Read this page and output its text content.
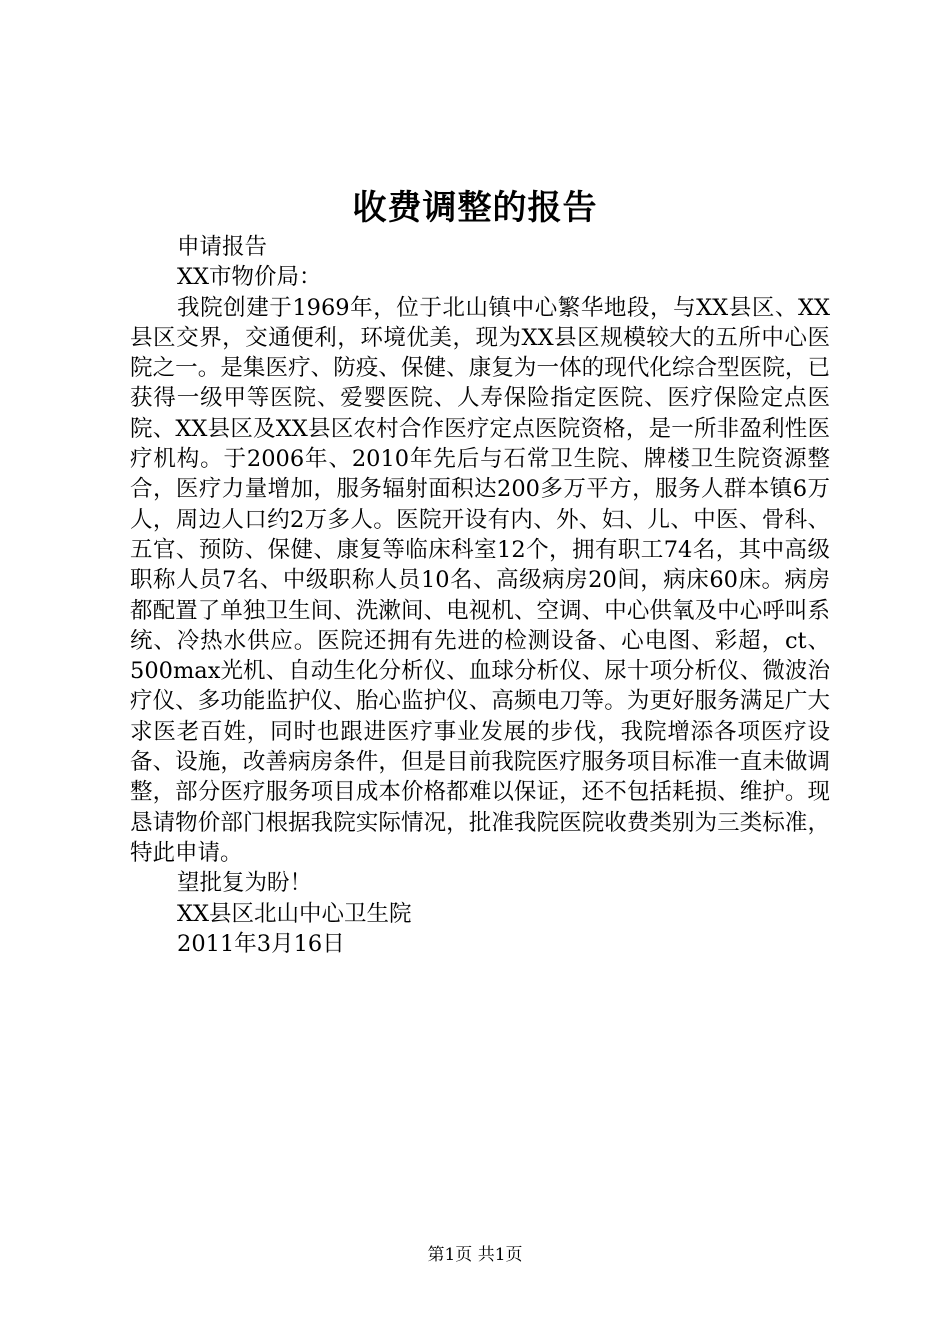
收费调整的报告
申请报告
XX市物价局：
我院创建于1969年，位于北山镇中心繁华地段，与XX县区、XX县区交界，交通便利，环境优美，现为XX县区规模较大的五所中心医院之一。是集医疗、防疫、保健、康复为一体的现代化综合型医院，已获得一级甲等医院、爱婴医院、人寿保险指定医院、医疗保险定点医院、XX县区及XX县区农村合作医疗定点医院资格，是一所非盈利性医疗机构。于2006年、2010年先后与石常卫生院、牌楼卫生院资源整合，医疗力量增加，服务辐射面积达200多万平方，服务人群本镇6万人，周边人口约2万多人。医院开设有内、外、妇、儿、中医、骨科、五官、预防、保健、康复等临床科室12个，拥有职工74名，其中高级职称人员7名、中级职称人员10名、高级病房20间，病床60床。病房都配置了单独卫生间、洗漱间、电视机、空调、中心供氧及中心呼叫系统、冷热水供应。医院还拥有先进的检测设备、心电图、彩超，ct、500max光机、自动生化分析仪、血球分析仪、尿十项分析仪、微波治疗仪、多功能监护仪、胎心监护仪、高频电刀等。为更好服务满足广大求医老百姓，同时也跟进医疗事业发展的步伐，我院增添各项医疗设备、设施，改善病房条件，但是目前我院医疗服务项目标准一直未做调整，部分医疗服务项目成本价格都难以保证，还不包括耗损、维护。现恳请物价部门根据我院实际情况，批准我院医院收费类别为三类标准，特此申请。
望批复为盼！
XX县区北山中心卫生院
2011年3月16日
第1页 共1页
